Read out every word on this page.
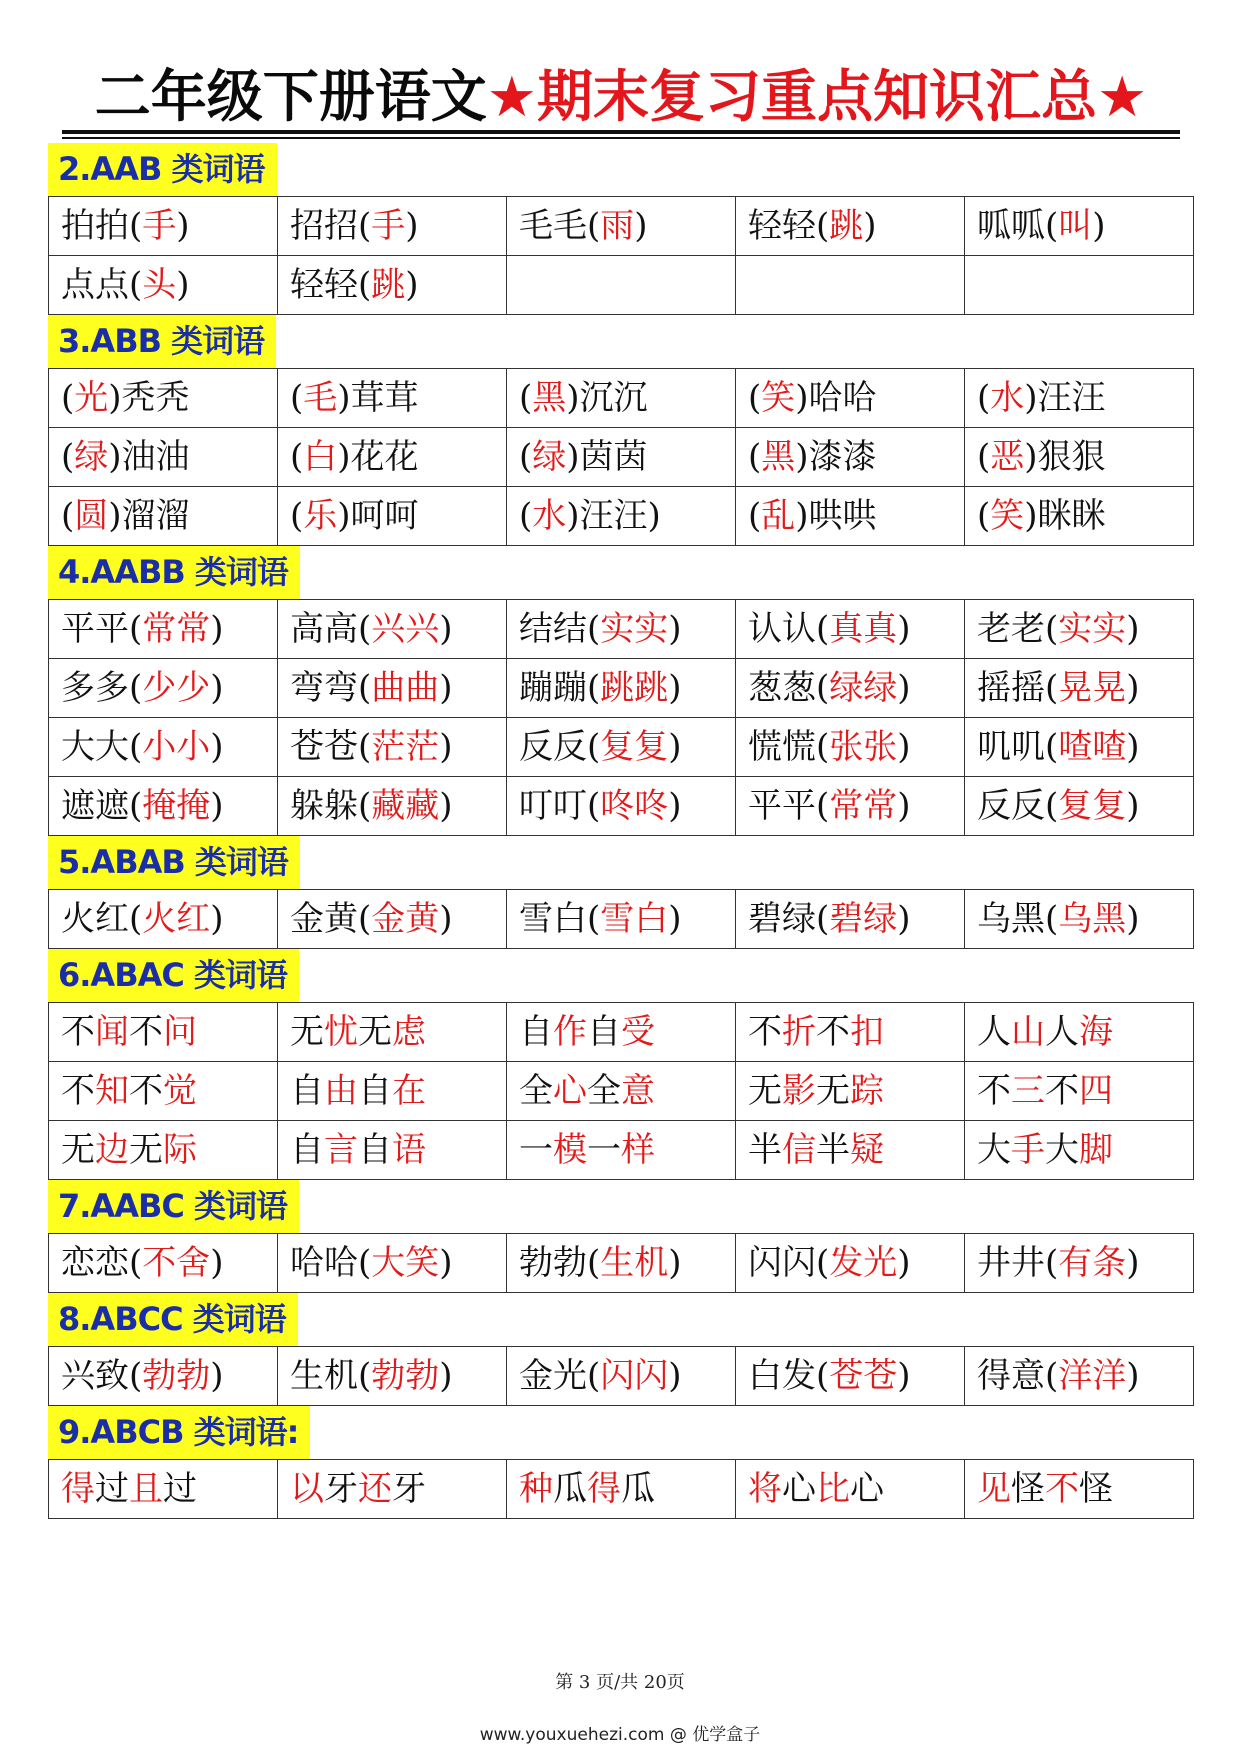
二年级下册语文★期末复习重点知识汇总★
2.AAB 类词语
拍拍(手)	招招(手)	毛毛(雨)	轻轻(跳)	呱呱(叫)
点点(头)	轻轻(跳)			
3.ABB 类词语
(光)秃秃	(毛)茸茸	(黑)沉沉	(笑)哈哈	(水)汪汪
(绿)油油	(白)花花	(绿)茵茵	(黑)漆漆	(恶)狠狠
(圆)溜溜	(乐)呵呵	(水)汪汪)	(乱)哄哄	(笑)眯眯
4.AABB 类词语
平平(常常)	高高(兴兴)	结结(实实)	认认(真真)	老老(实实)
多多(少少)	弯弯(曲曲)	蹦蹦(跳跳)	葱葱(绿绿)	摇摇(晃晃)
大大(小小)	苍苍(茫茫)	反反(复复)	慌慌(张张)	叽叽(喳喳)
遮遮(掩掩)	躲躲(藏藏)	叮叮(咚咚)	平平(常常)	反反(复复)
5.ABAB 类词语
火红(火红)	金黄(金黄)	雪白(雪白)	碧绿(碧绿)	乌黑(乌黑)
6.ABAC 类词语
不闻不问	无忧无虑	自作自受	不折不扣	人山人海
不知不觉	自由自在	全心全意	无影无踪	不三不四
无边无际	自言自语	一模一样	半信半疑	大手大脚
7.AABC 类词语
恋恋(不舍)	哈哈(大笑)	勃勃(生机)	闪闪(发光)	井井(有条)
8.ABCC 类词语
兴致(勃勃)	生机(勃勃)	金光(闪闪)	白发(苍苍)	得意(洋洋)
9.ABCB 类词语:
得过且过	以牙还牙	种瓜得瓜	将心比心	见怪不怪
第 3 页/共 20页
www.youxuehezi.com @ 优学盒子
